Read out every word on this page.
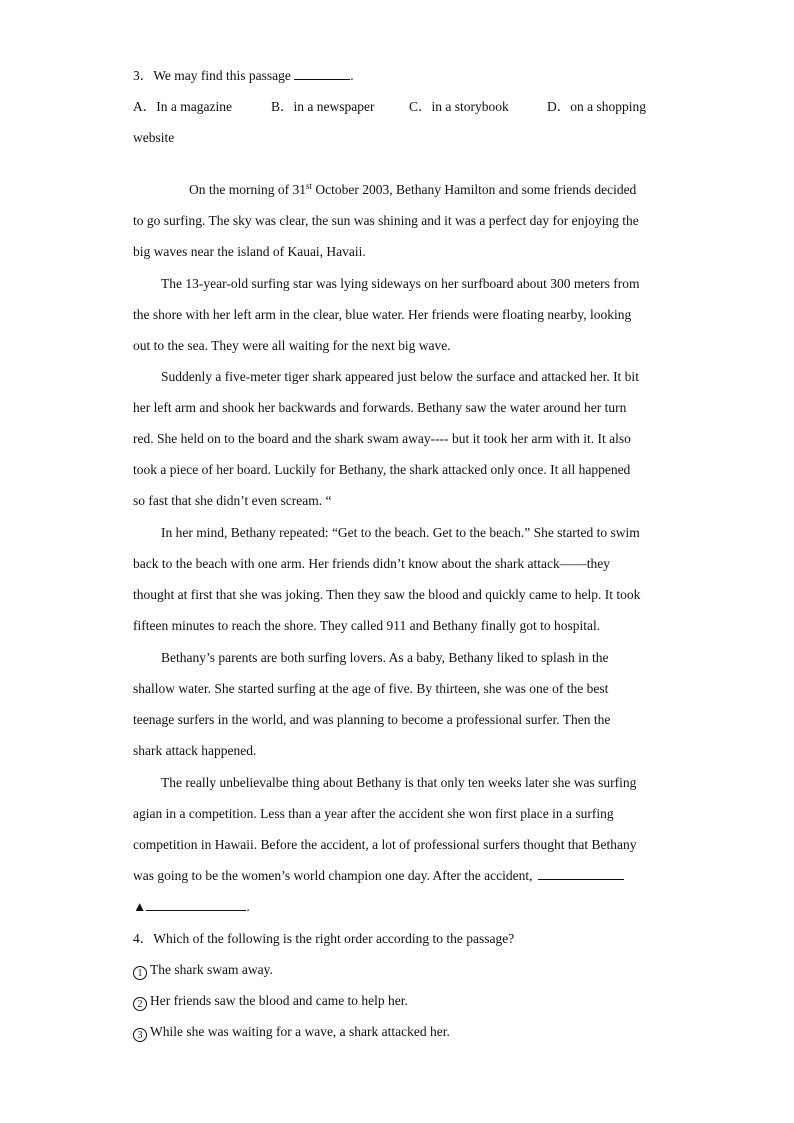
3．We may find this passage	.
A．In a magazine	B．in a newspaper	C．in a storybook	D．on a shopping
website
On the morning of 31st October 2003, Bethany Hamilton and some friends decided
to go surfing. The sky was clear, the sun was shining and it was a perfect day for enjoying the
big waves near the island of Kauai, Havaii.
The 13-year-old surfing star was lying sideways on her surfboard about 300 meters from
the shore with her left arm in the clear, blue water. Her friends were floating nearby, looking
out to the sea. They were all waiting for the next big wave.
Suddenly a five-meter tiger shark appeared just below the surface and attacked her. It bit
her left arm and shook her backwards and forwards. Bethany saw the water around her turn
red. She held on to the board and the shark swam away---- but it took her arm with it. It also
took a piece of her board. Luckily for Bethany, the shark attacked only once. It all happened
so fast that she didn’t even scream. “
In her mind, Bethany repeated: “Get to the beach. Get to the beach.” She started to swim
back to the beach with one arm. Her friends didn’t know about the shark attack——they
thought at first that she was joking. Then they saw the blood and quickly came to help. It took
fifteen minutes to reach the shore. They called 911 and Bethany finally got to hospital.
Bethany’s parents are both surfing lovers. As a baby, Bethany liked to splash in the
shallow water. She started surfing at the age of five. By thirteen, she was one of the best
teenage surfers in the world, and was planning to become a professional surfer. Then the
shark attack happened.
The really unbelievalbe thing about Bethany is that only ten weeks later she was surfing
agian in a competition. Less than a year after the accident she won first place in a surfing
competition in Hawaii. Before the accident, a lot of professional surfers thought that Bethany
was going to be the women’s world champion one day. After the accident,
▲	.
4．Which of the following is the right order according to the passage?
1 The shark swam away.
2 Her friends saw the blood and came to help her.
3 While she was waiting for a wave, a shark attacked her.
